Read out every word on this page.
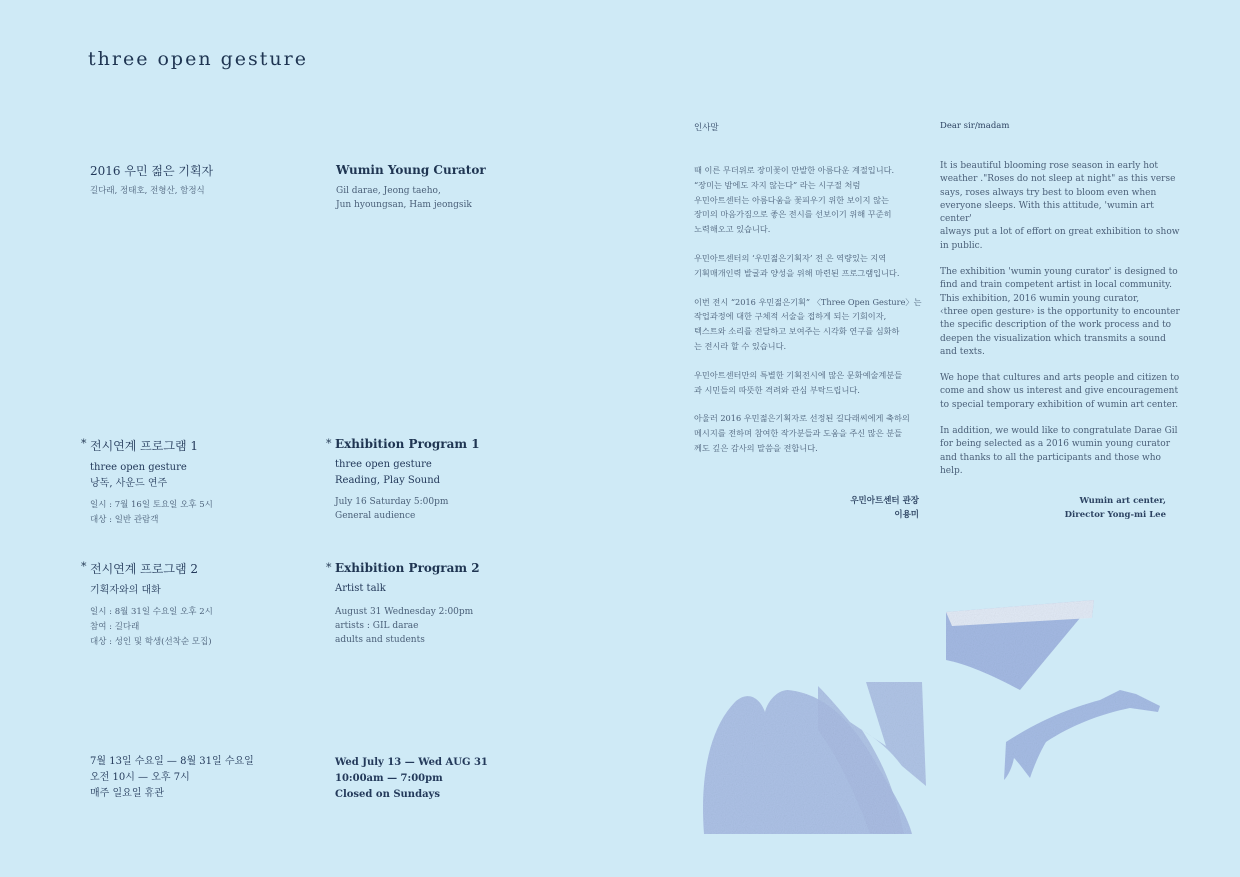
three open gesture
2016 우민 젊은 기획자
길다래, 정태호, 전형산, 함정식
Wumin Young Curator
Gil darae, Jeong taeho,
Jun hyoungsan, Ham jeongsik
* 전시연계 프로그램 1
three open gesture
낭독, 사운드 연주
일시 : 7월 16일 토요일 오후 5시
대상 : 일반 관람객
* Exhibition Program 1
three open gesture
Reading, Play Sound
July 16 Saturday 5:00pm
General audience
* 전시연계 프로그램 2
기획자와의 대화
일시 : 8월 31일 수요일 오후 2시
참여 : 길다래
대상 : 성인 및 학생(선착순 모집)
* Exhibition Program 2
Artist talk
August 31 Wednesday 2:00pm
artists : GIL darae
adults and students
7월 13일 수요일 — 8월 31일 수요일
오전 10시 — 오후 7시
매주 일요일 휴관
Wed July 13 — Wed AUG 31
10:00am — 7:00pm
Closed on Sundays
인사말

때 이른 무더위로 장미꽃이 만발한 아름다운 계절입니다.
“장미는 밤에도 자지 않는다” 라는 시구절 처럼
우민아트센터는 아름다움을 꽃피우기 위한 보이지 않는
장미의 마음가짐으로 좋은 전시를 선보이기 위해 꾸준히
노력해오고 있습니다.

우민아트센터의 ‘우민젊은기획자’ 전 은 역량있는 지역
기획매개인력 발굴과 양성을 위해 마련된 프로그램입니다.

이번 전시 “2016 우민젊은기획” 〈Three Open Gesture〉는
작업과정에 대한 구체적 서술을 접하게 되는 기회이자,
텍스트와 소리를 전달하고 보여주는 시각화 연구를 심화하
는 전시라 할 수 있습니다.

우민아트센터만의 특별한 기획전시에 많은 문화예술계분들
과 시민들의 따뜻한 격려와 관심 부탁드립니다.

아울러 2016 우민젊은기획자로 선정된 길다래씨에게 축하의
메시지를 전하며 참여한 작가분들과 도움을 주신 많은 분들
께도 깊은 감사의 말씀을 전합니다.

우민아트센터 관장
이용미
Dear sir/madam

It is beautiful blooming rose season in early hot
weather ."Roses do not sleep at night" as this verse
says, roses always try best to bloom even when
everyone sleeps. With this attitude, 'wumin art center'
always put a lot of effort on great exhibition to show
in public.

The exhibition 'wumin young curator' is designed to
find and train competent artist in local community.
This exhibition, 2016 wumin young curator,
‹three open gesture› is the opportunity to encounter
the specific description of the work process and to
deepen the visualization which transmits a sound
and texts.

We hope that cultures and arts people and citizen to
come and show us interest and give encouragement
to special temporary exhibition of wumin art center.

In addition, we would like to congratulate Darae Gil
for being selected as a 2016 wumin young curator
and thanks to all the participants and those who help.

Wumin art center,
Director Yong-mi Lee
